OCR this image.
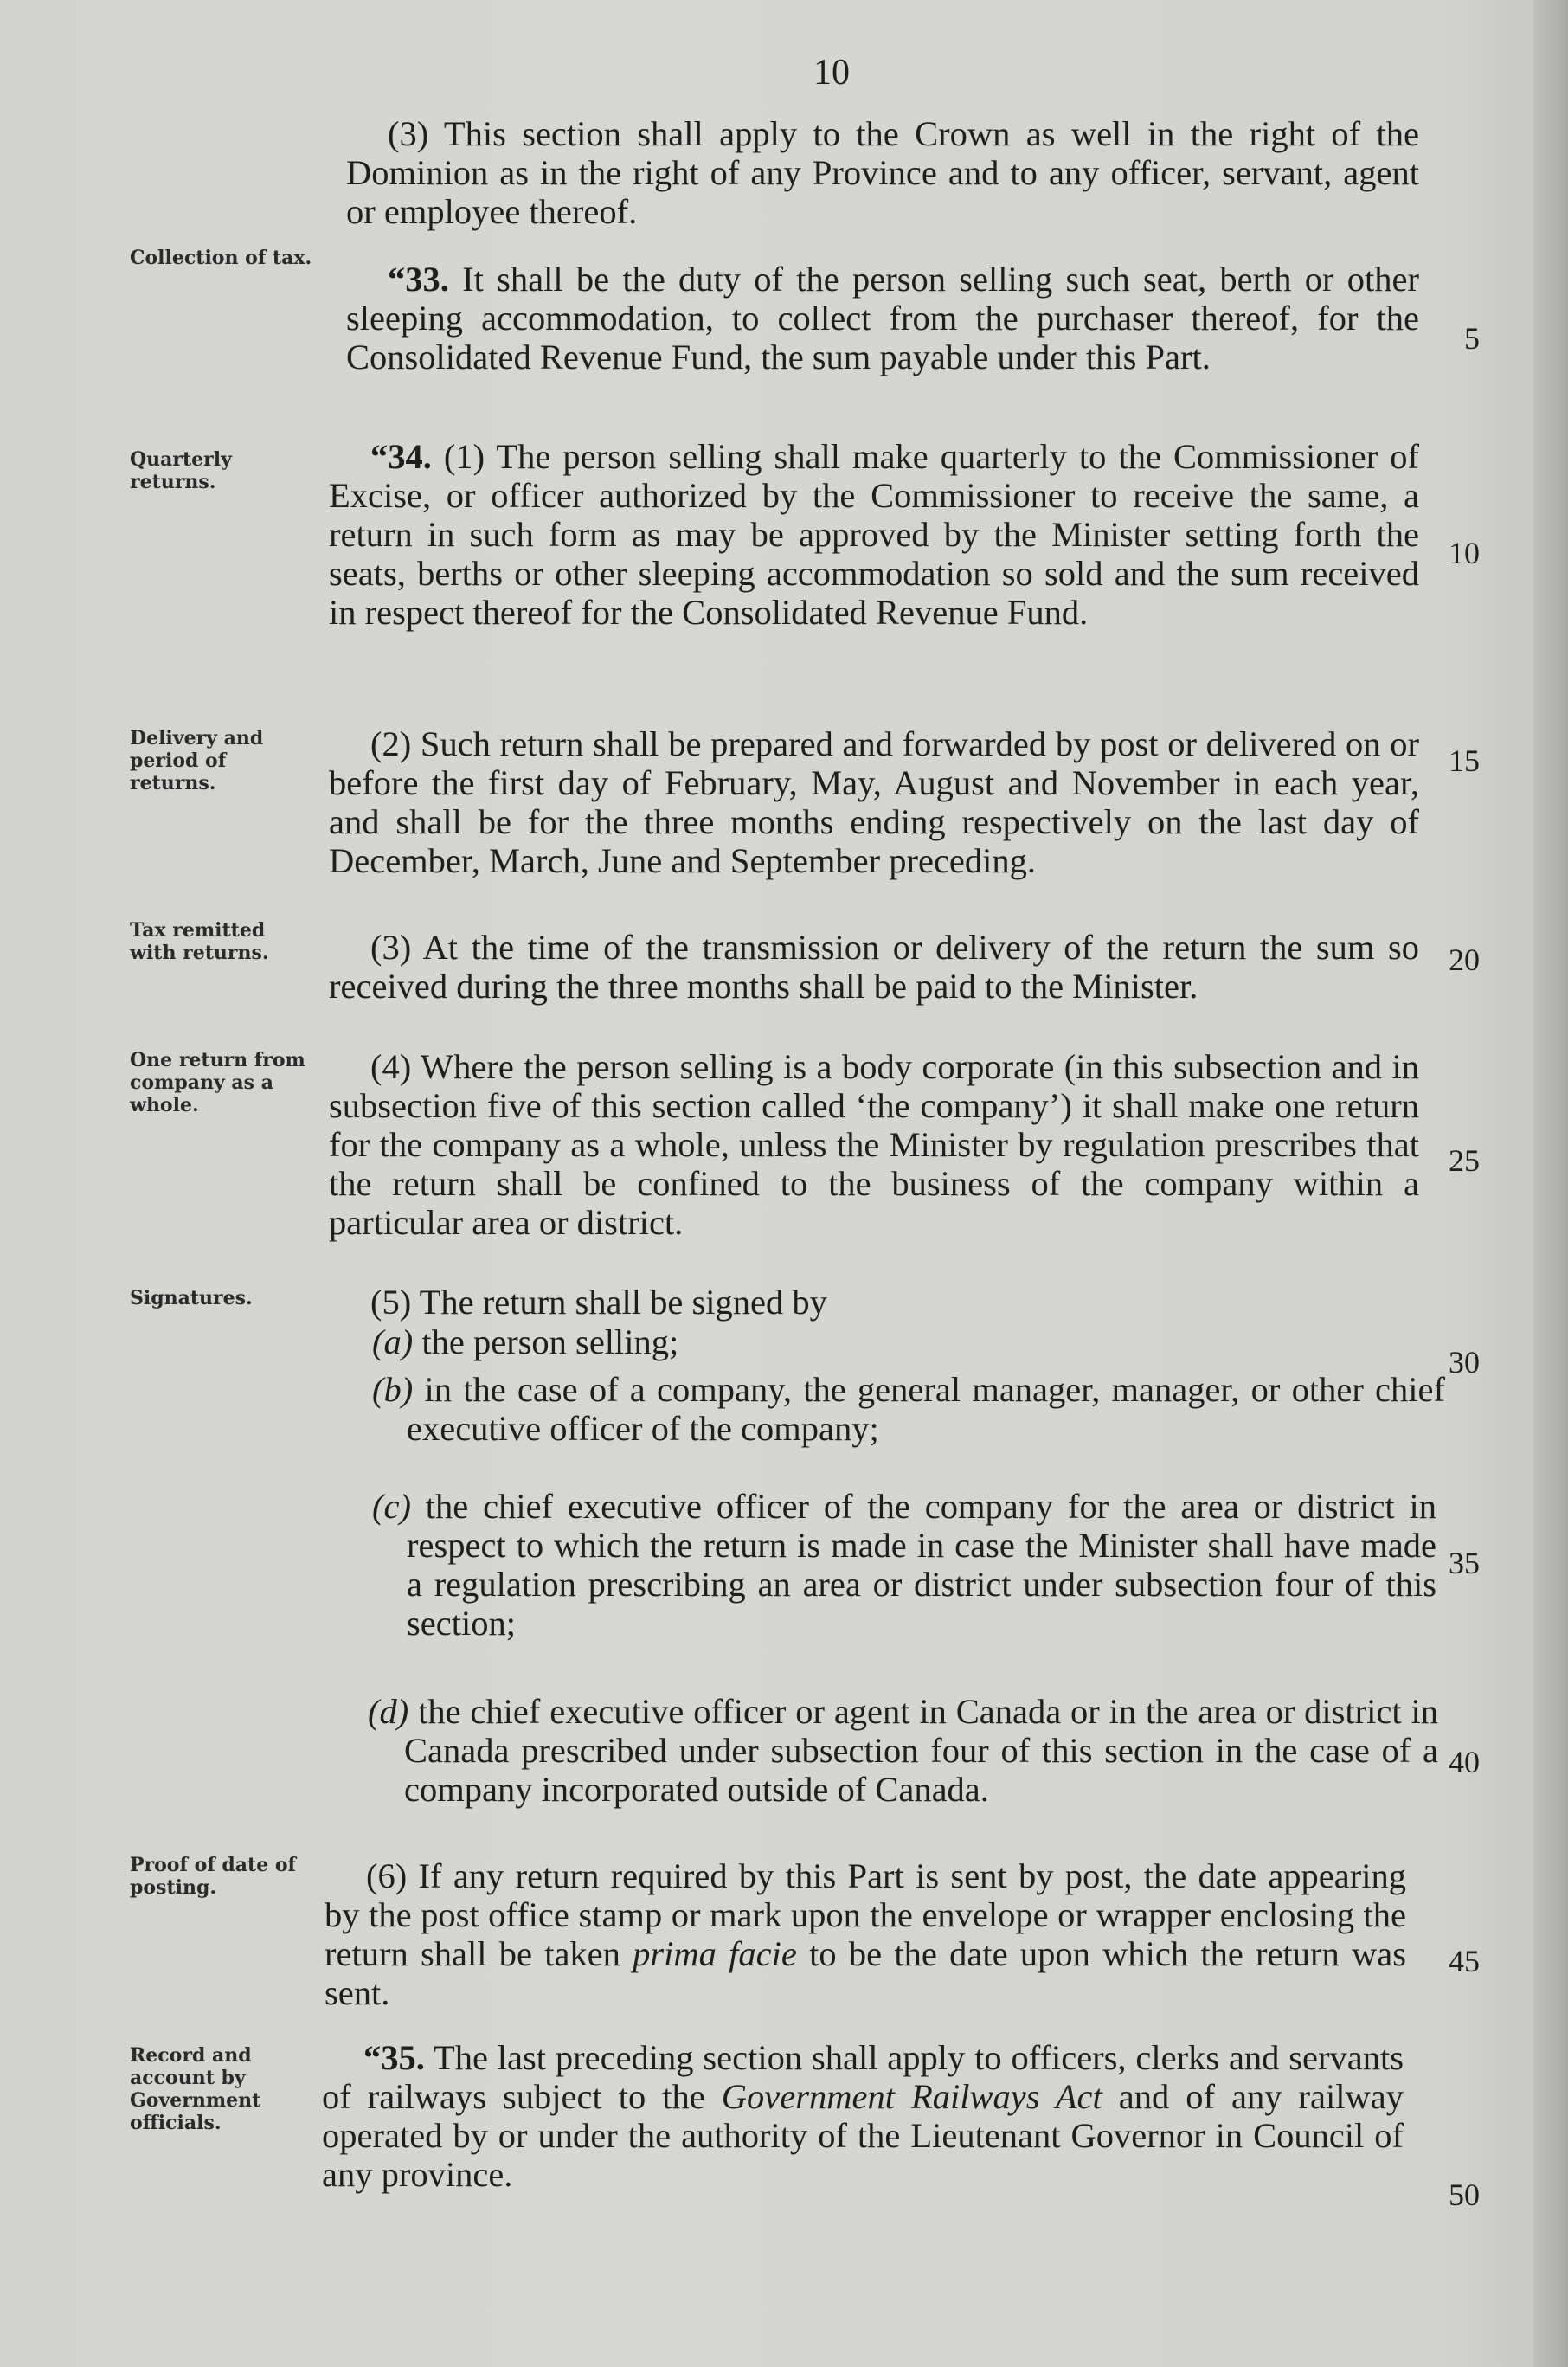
10
Collection of tax.
Quarterly returns.
Delivery and period of returns.
Tax remitted with returns.
One return from company as a whole.
Signatures.
Proof of date of posting.
Record and account by Government officials.
(3) This section shall apply to the Crown as well in the right of the Dominion as in the right of any Province and to any officer, servant, agent or employee thereof.
“33. It shall be the duty of the person selling such seat, berth or other sleeping accommodation, to collect from the purchaser thereof, for the Consolidated Revenue Fund, the sum payable under this Part.
“34. (1) The person selling shall make quarterly to the Commissioner of Excise, or officer authorized by the Commissioner to receive the same, a return in such form as may be approved by the Minister setting forth the seats, berths or other sleeping accommodation so sold and the sum received in respect thereof for the Consolidated Revenue Fund.
(2) Such return shall be prepared and forwarded by post or delivered on or before the first day of February, May, August and November in each year, and shall be for the three months ending respectively on the last day of December, March, June and September preceding.
(3) At the time of the transmission or delivery of the return the sum so received during the three months shall be paid to the Minister.
(4) Where the person selling is a body corporate (in this subsection and in subsection five of this section called ‘the company’) it shall make one return for the company as a whole, unless the Minister by regulation prescribes that the return shall be confined to the business of the company within a particular area or district.
(5) The return shall be signed by
(a) the person selling;
(b) in the case of a company, the general manager, manager, or other chief executive officer of the company;
(c) the chief executive officer of the company for the area or district in respect to which the return is made in case the Minister shall have made a regulation prescribing an area or district under subsection four of this section;
(d) the chief executive officer or agent in Canada or in the area or district in Canada prescribed under subsection four of this section in the case of a company incorporated outside of Canada.
(6) If any return required by this Part is sent by post, the date appearing by the post office stamp or mark upon the envelope or wrapper enclosing the return shall be taken prima facie to be the date upon which the return was sent.
“35. The last preceding section shall apply to officers, clerks and servants of railways subject to the Government Railways Act and of any railway operated by or under the authority of the Lieutenant Governor in Council of any province.
5
10
15
20
25
30
35
40
45
50
